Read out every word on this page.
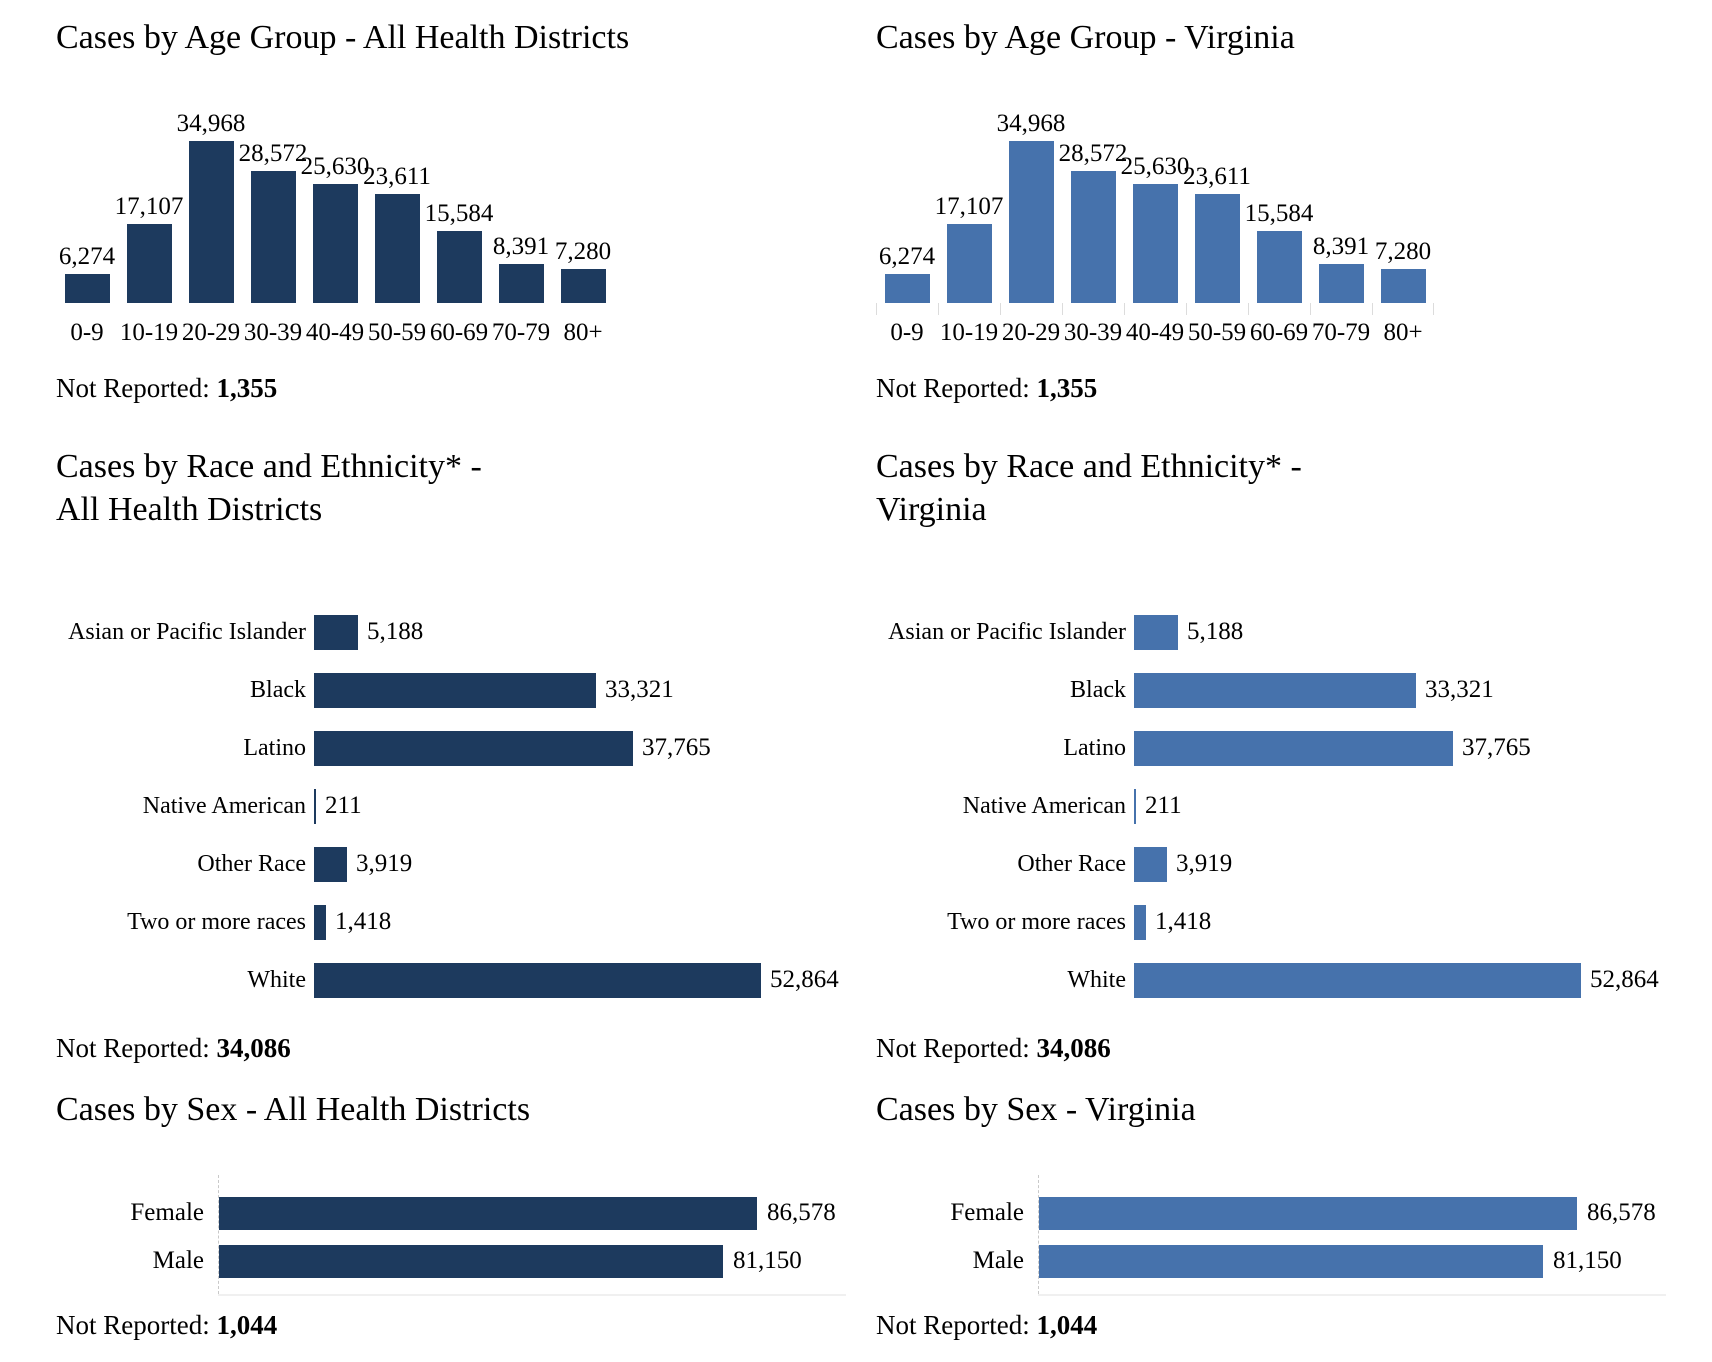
Cases by Age Group - All Health Districts
6,274
17,107
34,968
28,572
25,630
23,611
15,584
8,391 7,280
0-9 10-19 20-29 30-39 40-49 50-59 60-69 70-79 80+

Not Reported: 1,355

Cases by Age Group - Virginia
6,274
17,107
34,968
28,572
25,630
23,611
15,584
8,391 7,280
0-9 10-19 20-29 30-39 40-49 50-59 60-69 70-79 80+

Not Reported: 1,355

Cases by Race and Ethnicity* -
All Health Districts
Asian or Pacific Islander	5,188
Black	33,321
Latino	37,765
Native American 211
Other Race	3,919
Two or more races	1,418
White	52,864

Not Reported: 34,086

Cases by Race and Ethnicity* -
Virginia
Asian or Pacific Islander	5,188
Black	33,321
Latino	37,765
Native American 211
Other Race	3,919
Two or more races	1,418
White	52,864

Not Reported: 34,086

Cases by Sex - All Health Districts
Female	86,578
Male	81,150

Not Reported: 1,044

Cases by Sex - Virginia
Female	86,578
Male	81,150

Not Reported: 1,044
